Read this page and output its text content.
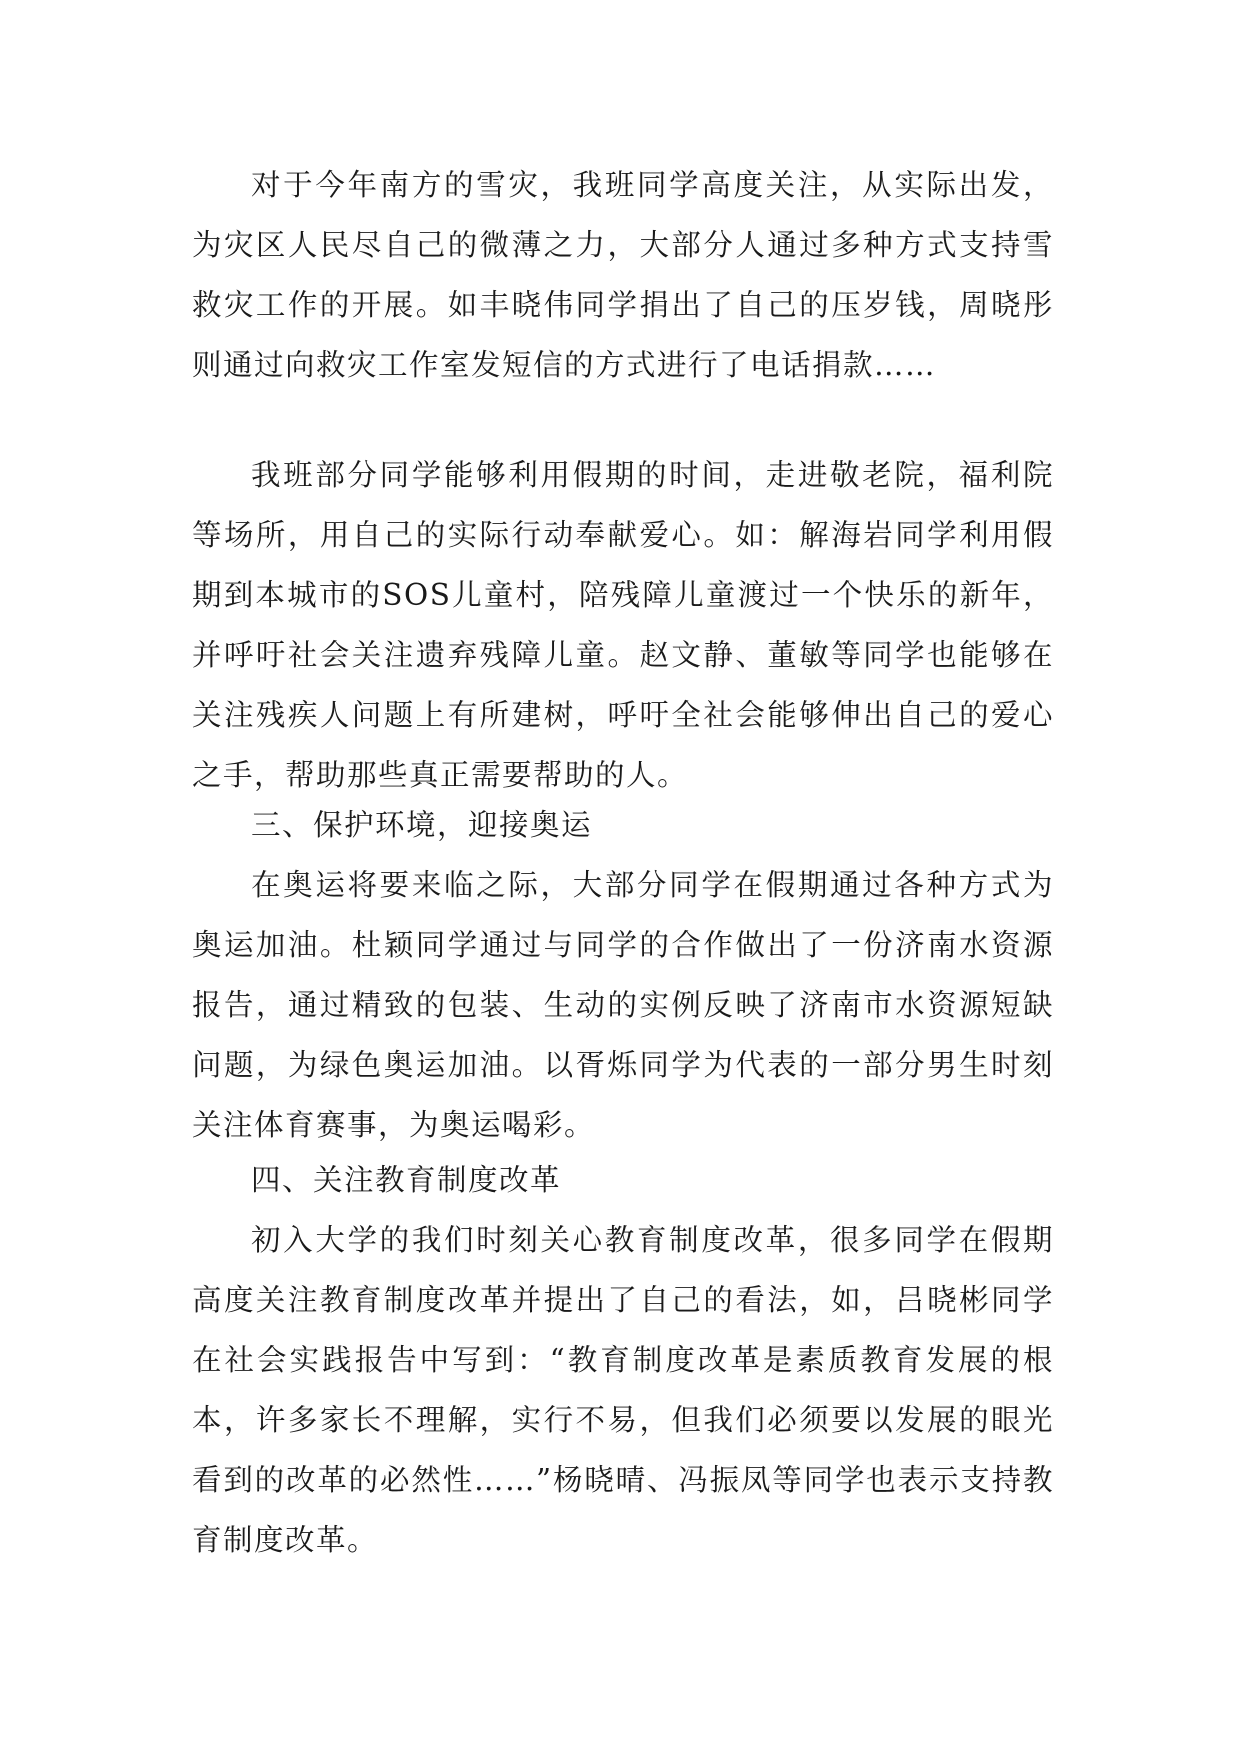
对于今年南方的雪灾，我班同学高度关注，从实际出发，为灾区人民尽自己的微薄之力，大部分人通过多种方式支持雪救灾工作的开展。如丰晓伟同学捐出了自己的压岁钱，周晓彤则通过向救灾工作室发短信的方式进行了电话捐款……

我班部分同学能够利用假期的时间，走进敬老院，福利院等场所，用自己的实际行动奉献爱心。如：解海岩同学利用假期到本城市的SOS儿童村，陪残障儿童渡过一个快乐的新年，并呼吁社会关注遗弃残障儿童。赵文静、董敏等同学也能够在关注残疾人问题上有所建树，呼吁全社会能够伸出自己的爱心之手，帮助那些真正需要帮助的人。

三、保护环境，迎接奥运

在奥运将要来临之际，大部分同学在假期通过各种方式为奥运加油。杜颖同学通过与同学的合作做出了一份济南水资源报告，通过精致的包装、生动的实例反映了济南市水资源短缺问题，为绿色奥运加油。以胥烁同学为代表的一部分男生时刻关注体育赛事，为奥运喝彩。

四、关注教育制度改革

初入大学的我们时刻关心教育制度改革，很多同学在假期高度关注教育制度改革并提出了自己的看法，如，吕晓彬同学在社会实践报告中写到：“教育制度改革是素质教育发展的根本，许多家长不理解，实行不易，但我们必须要以发展的眼光看到的改革的必然性……”杨晓晴、冯振凤等同学也表示支持教育制度改革。
